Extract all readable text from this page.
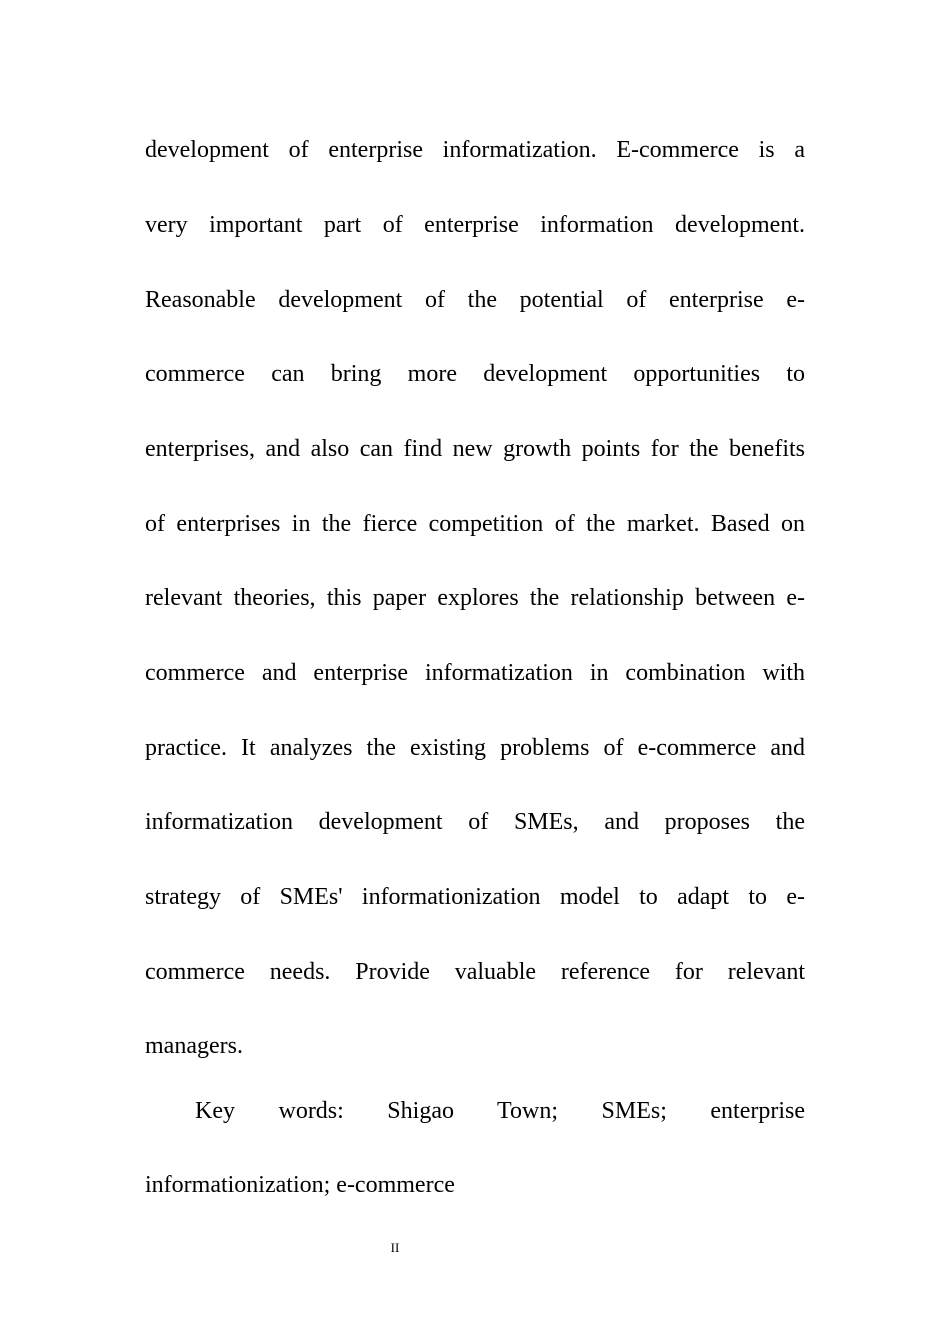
development of enterprise informatization. E-commerce is a
very important part of enterprise information development.
Reasonable development of the potential of enterprise e-
commerce can bring more development opportunities to
enterprises, and also can find new growth points for the benefits
of enterprises in the fierce competition of the market. Based on
relevant theories, this paper explores the relationship between e-
commerce and enterprise informatization in combination with
practice. It analyzes the existing problems of e-commerce and
informatization development of SMEs, and proposes the
strategy of SMEs' informationization model to adapt to e-
commerce needs. Provide valuable reference for relevant
managers.
Key words: Shigao Town; SMEs; enterprise
informationization; e-commerce
II
